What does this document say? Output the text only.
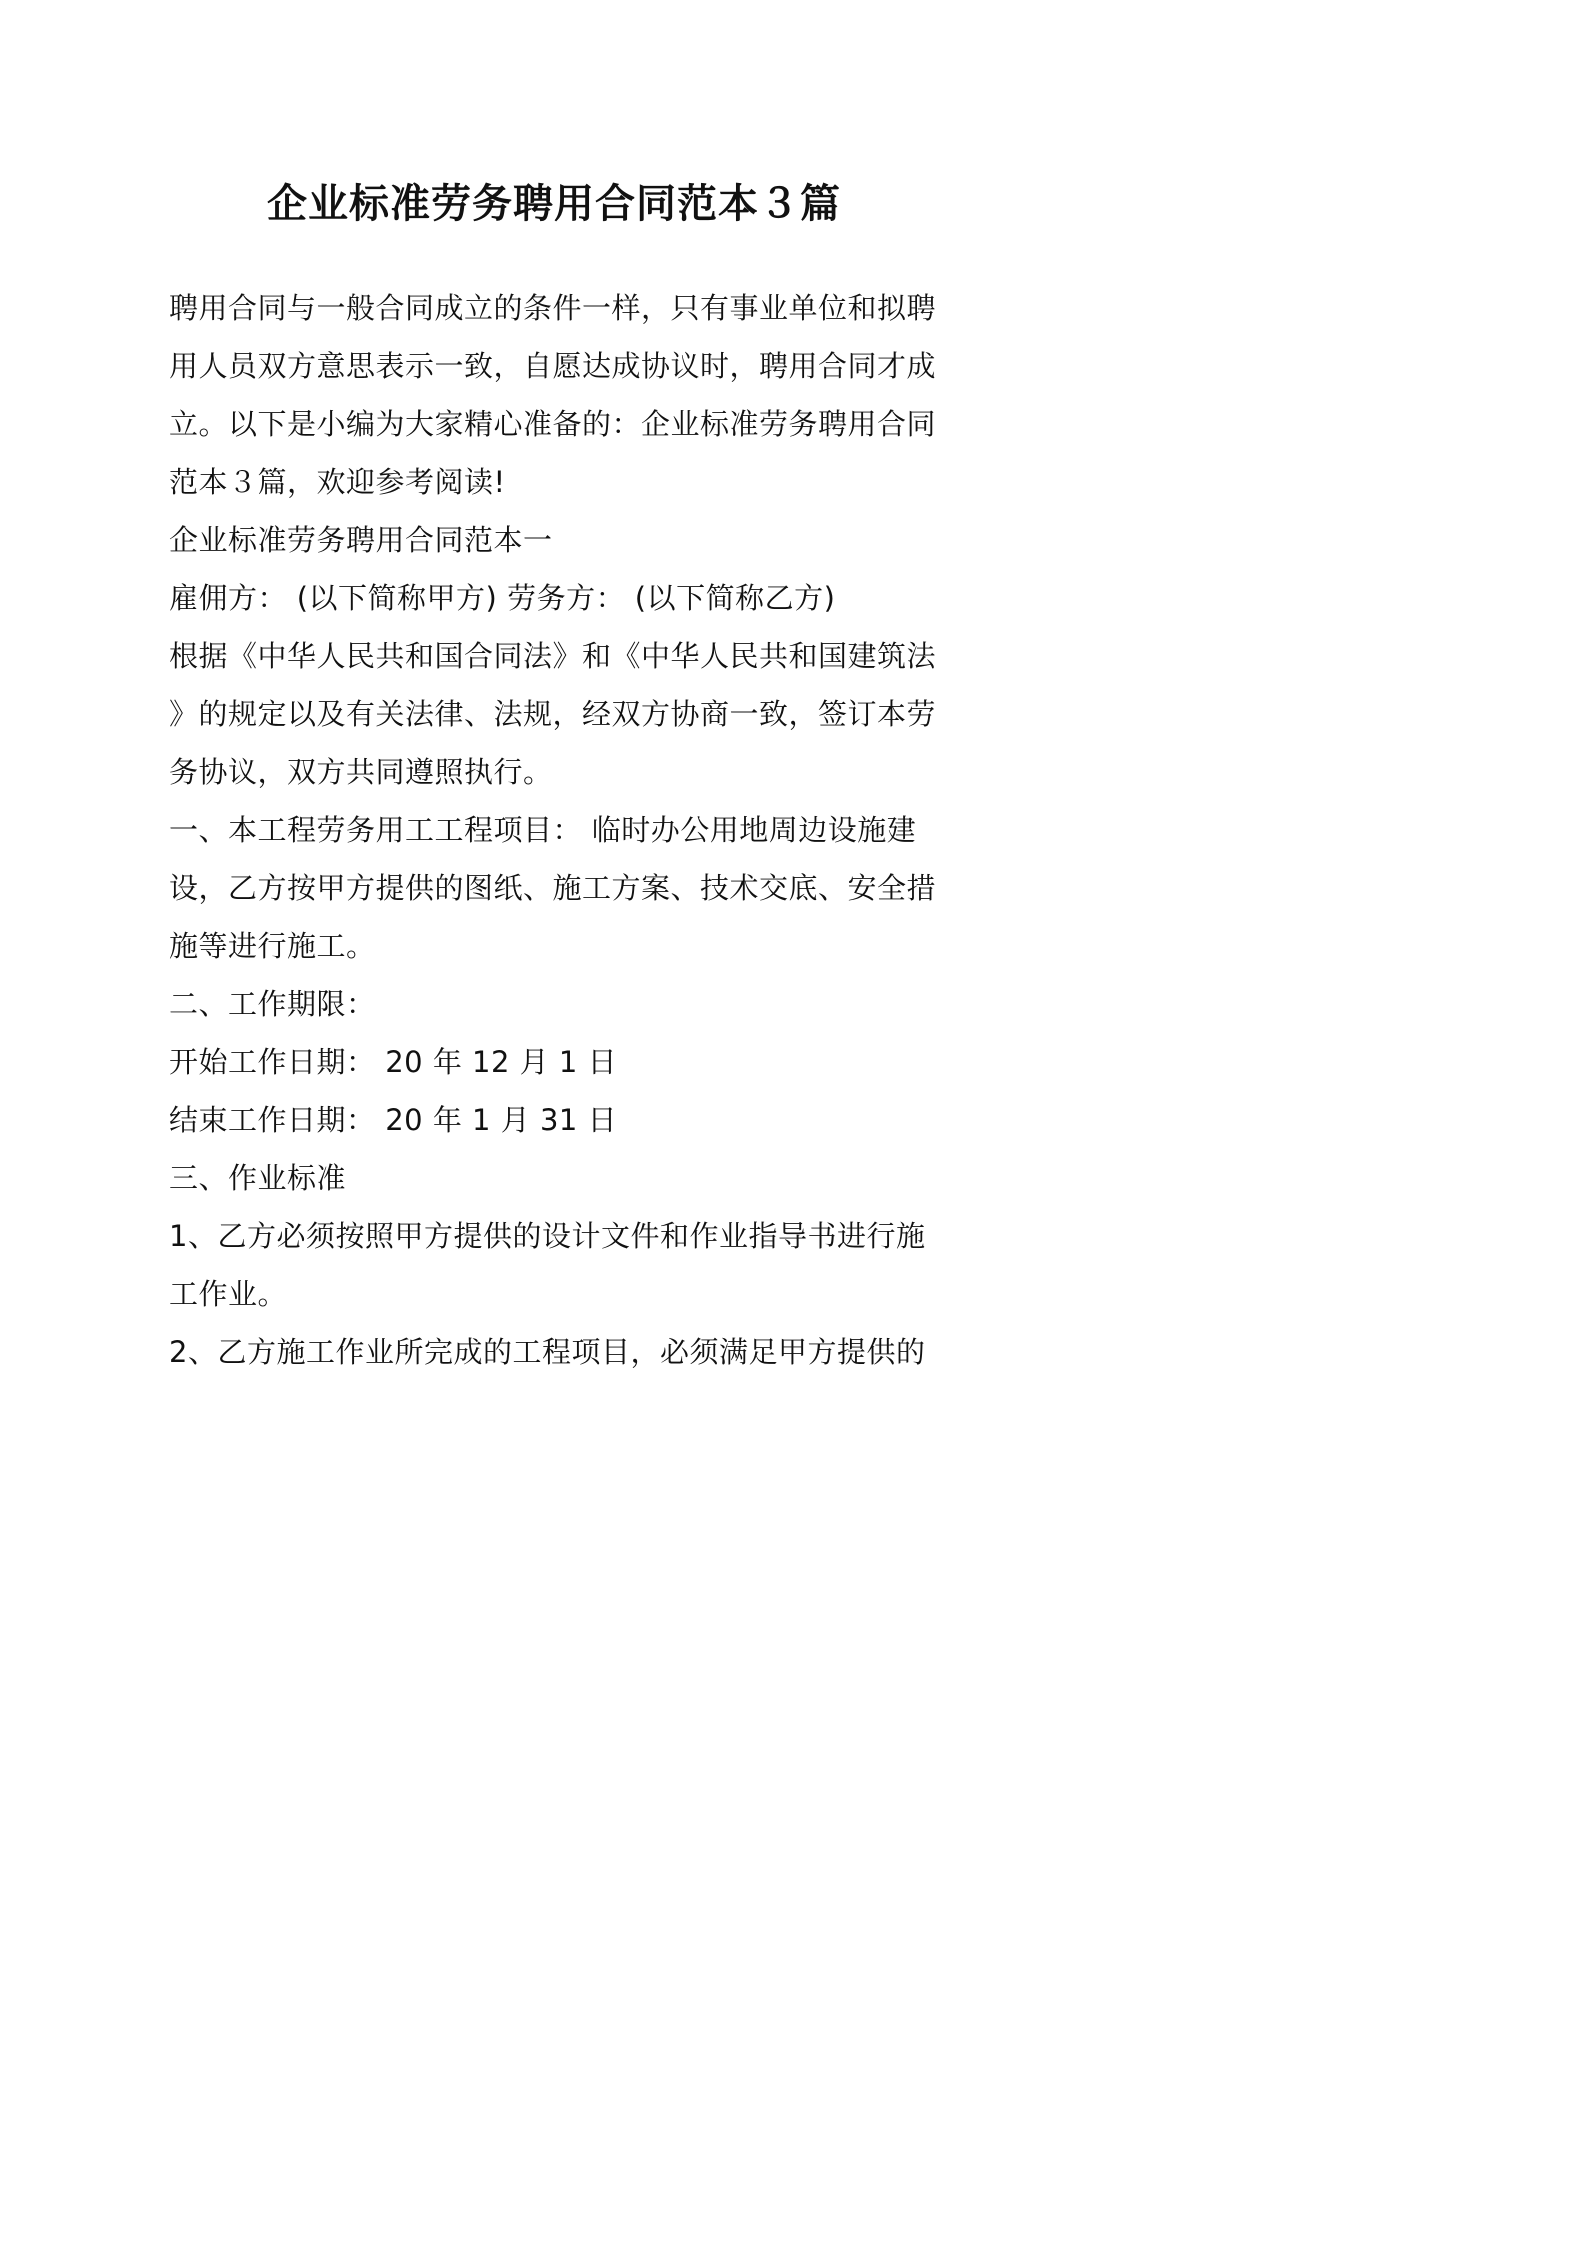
企业标准劳务聘用合同范本３篇
聘用合同与一般合同成立的条件一样，只有事业单位和拟聘
用人员双方意思表示一致，自愿达成协议时，聘用合同才成
立。以下是小编为大家精心准备的：企业标准劳务聘用合同
范本３篇，欢迎参考阅读!
企业标准劳务聘用合同范本一
雇佣方： (以下简称甲方) 劳务方： (以下简称乙方)
根据《中华人民共和国合同法》和《中华人民共和国建筑法
》的规定以及有关法律、法规，经双方协商一致，签订本劳
务协议，双方共同遵照执行。
一、本工程劳务用工工程项目： 临时办公用地周边设施建
设，乙方按甲方提供的图纸、施工方案、技术交底、安全措
施等进行施工。
二、工作期限：
开始工作日期： 20 年 12 月 1 日
结束工作日期： 20 年 1 月 31 日
三、作业标准
1、乙方必须按照甲方提供的设计文件和作业指导书进行施
工作业。
2、乙方施工作业所完成的工程项目，必须满足甲方提供的
